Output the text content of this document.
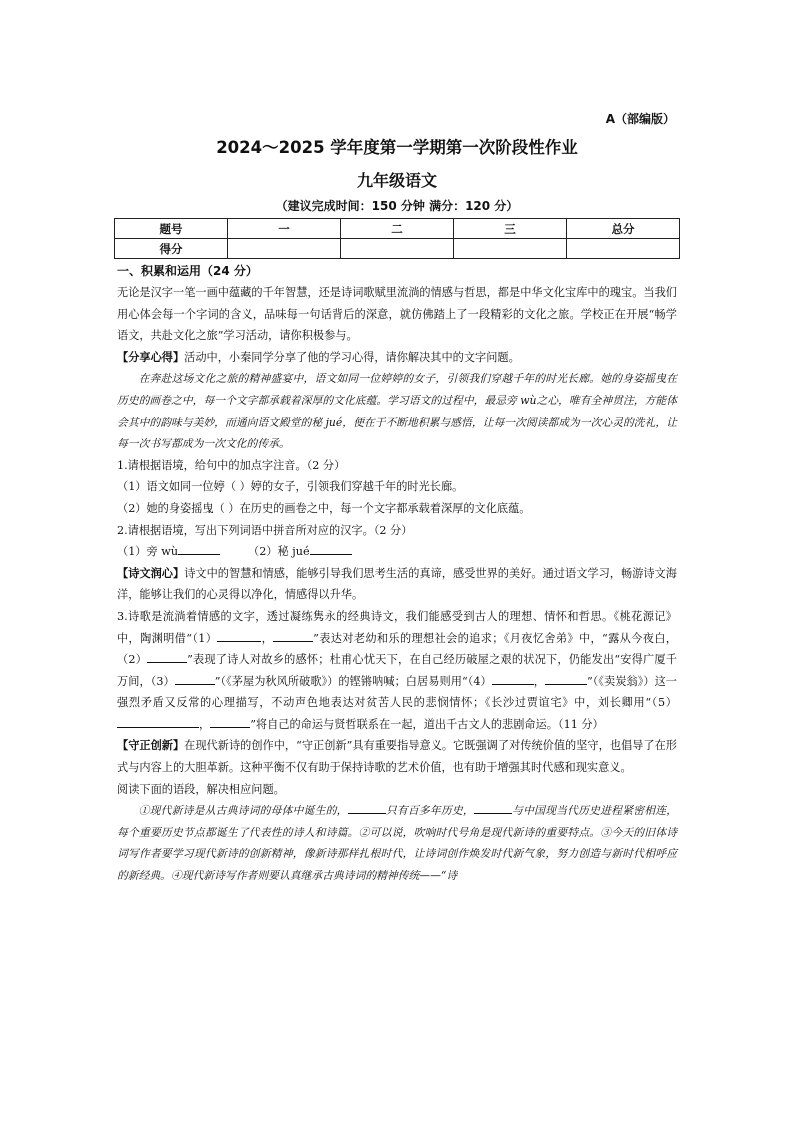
A（部编版）
2024～2025 学年度第一学期第一次阶段性作业
九年级语文
（建议完成时间：150 分钟 满分：120 分）
题号	一	二	三	总分
得分				
一、积累和运用（24 分）

无论是汉字一笔一画中蕴藏的千年智慧，还是诗词歌赋里流淌的情感与哲思，都是中华文化宝库中的瑰宝。当我们用心体会每一个字词的含义，品味每一句话背后的深意，就仿佛踏上了一段精彩的文化之旅。学校正在开展“畅学语文，共赴文化之旅”学习活动，请你积极参与。

【分享心得】活动中，小秦同学分享了他的学习心得，请你解决其中的文字问题。

在奔赴这场文化之旅的精神盛宴中，语文如同一位婷婷的女子，引领我们穿越千年的时光长廊。她的身姿摇曳在历史的画卷之中，每一个文字都承载着深厚的文化底蕴。学习语文的过程中，最忌旁 wù之心，唯有全神贯注，方能体会其中的韵味与美妙，而通向语文殿堂的秘 jué，便在于不断地积累与感悟，让每一次阅读都成为一次心灵的洗礼，让每一次书写都成为一次文化的传承。

1.请根据语境，给句中的加点字注音。（2 分）

（1）语文如同一位婷（ ）婷的女子，引领我们穿越千年的时光长廊。

（2）她的身姿摇曳（ ）在历史的画卷之中，每一个文字都承载着深厚的文化底蕴。

2.请根据语境，写出下列词语中拼音所对应的汉字。（2 分）

（1）旁 wù	（2）秘 jué

【诗文润心】诗文中的智慧和情感，能够引导我们思考生活的真谛，感受世界的美好。通过语文学习，畅游诗文海洋，能够让我们的心灵得以净化，情感得以升华。

3.诗歌是流淌着情感的文字，透过凝练隽永的经典诗文，我们能感受到古人的理想、情怀和哲思。《桃花源记》中，陶渊明借“（1）	，	”表达对老幼和乐的理想社会的追求；《月夜忆舍弟》中，“露从今夜白，（2）	”表现了诗人对故乡的感怀；杜甫心忧天下，在自己经历破屋之艰的状况下，仍能发出“安得广厦千万间，（3）	”（《茅屋为秋风所破歌》）的铿锵呐喊；白居易则用“（4）	，	”（《卖炭翁》）这一强烈矛盾又反常的心理描写，不动声色地表达对贫苦人民的悲悯情怀；《长沙过贾谊宅》中，刘长卿用“（5），	”将自己的命运与贤哲联系在一起，道出千古文人的悲剧命运。（11 分）

【守正创新】在现代新诗的创作中，“守正创新”具有重要指导意义。它既强调了对传统价值的坚守，也倡导了在形式与内容上的大胆革新。这种平衡不仅有助于保持诗歌的艺术价值，也有助于增强其时代感和现实意义。

阅读下面的语段，解决相应问题。

①现代新诗是从古典诗词的母体中诞生的，	只有百多年历史，	与中国现当代历史进程紧密相连，每个重要历史节点都诞生了代表性的诗人和诗篇。②可以说，吹响时代号角是现代新诗的重要特点。③今天的旧体诗词写作者要学习现代新诗的创新精神，像新诗那样扎根时代，让诗词创作焕发时代新气象，努力创造与新时代相呼应的新经典。④现代新诗写作者则要认真继承古典诗词的精神传统——“诗
